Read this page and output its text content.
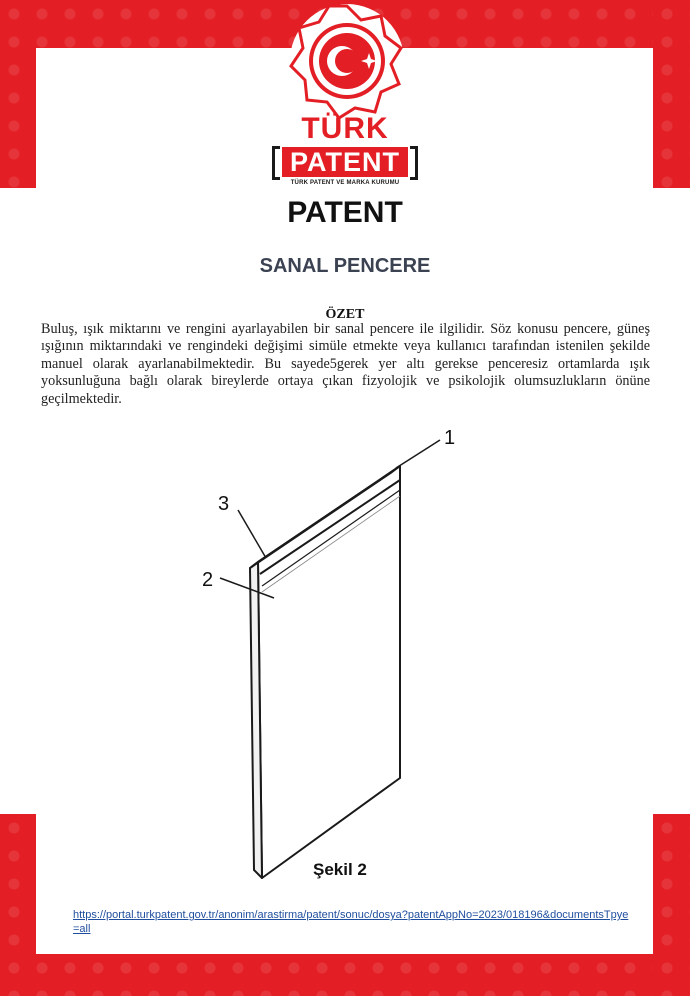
TÜRK
PATENT
TÜRK PATENT VE MARKA KURUMU
PATENT
SANAL PENCERE
ÖZET
Buluş, ışık miktarını ve rengini ayarlayabilen bir sanal pencere ile ilgilidir. Söz konusu pencere, güneş ışığının miktarındaki ve rengindeki değişimi simüle etmekte veya kullanıcı tarafından istenilen şekilde manuel olarak ayarlanabilmektedir. Bu sayede5gerek yer altı gerekse penceresiz ortamlarda ışık yoksunluğuna bağlı olarak bireylerde ortaya çıkan fizyolojik ve psikolojik olumsuzlukların önüne geçilmektedir.
1
3
2
Şekil 2
https://portal.turkpatent.gov.tr/anonim/arastirma/patent/sonuc/dosya?patentAppNo=2023/018196&documentsTpye=all
